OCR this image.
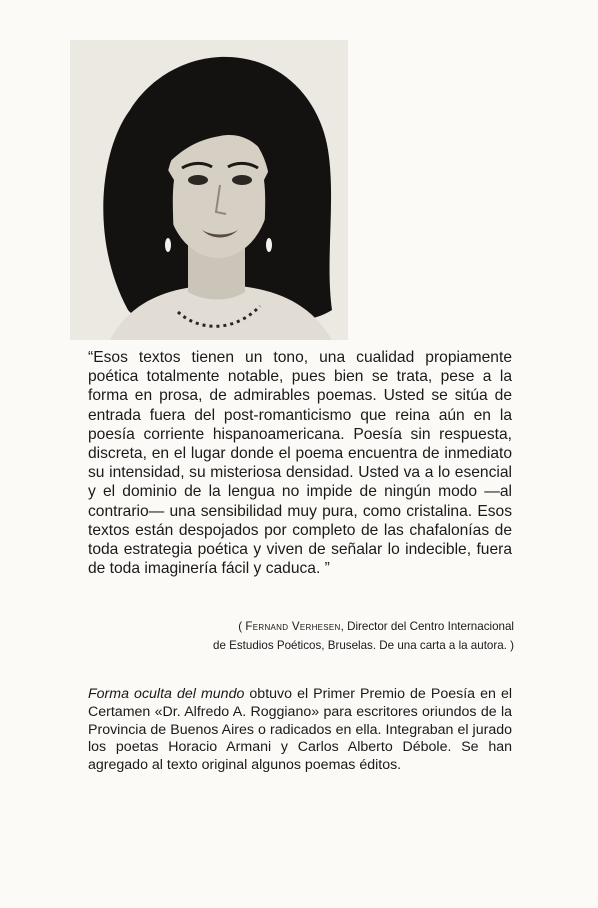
“Esos textos tienen un tono, una cualidad propiamente poética totalmente notable, pues bien se trata, pese a la forma en prosa, de admirables poemas. Usted se sitúa de entrada fuera del post-romanticismo que reina aún en la poesía corriente hispanoamericana. Poesía sin respuesta, discreta, en el lugar donde el poema encuentra de inmediato su intensidad, su misteriosa densidad. Usted va a lo esencial y el dominio de la lengua no impide de ningún modo —al contrario— una sensibilidad muy pura, como cristalina. Esos textos están despojados por completo de las chafalonías de toda estrategia poética y viven de señalar lo indecible, fuera de toda imaginería fácil y caduca. ”

( Fernand Verhesen, Director del Centro Internacional
de Estudios Poéticos, Bruselas. De una carta a la autora. )

Forma oculta del mundo obtuvo el Primer Premio de Poesía en el Certamen «Dr. Alfredo A. Roggiano» para escritores oriundos de la Provincia de Buenos Aires o radicados en ella. Integraban el jurado los poetas Horacio Armani y Carlos Alberto Débole. Se han agregado al texto original algunos poemas éditos.
